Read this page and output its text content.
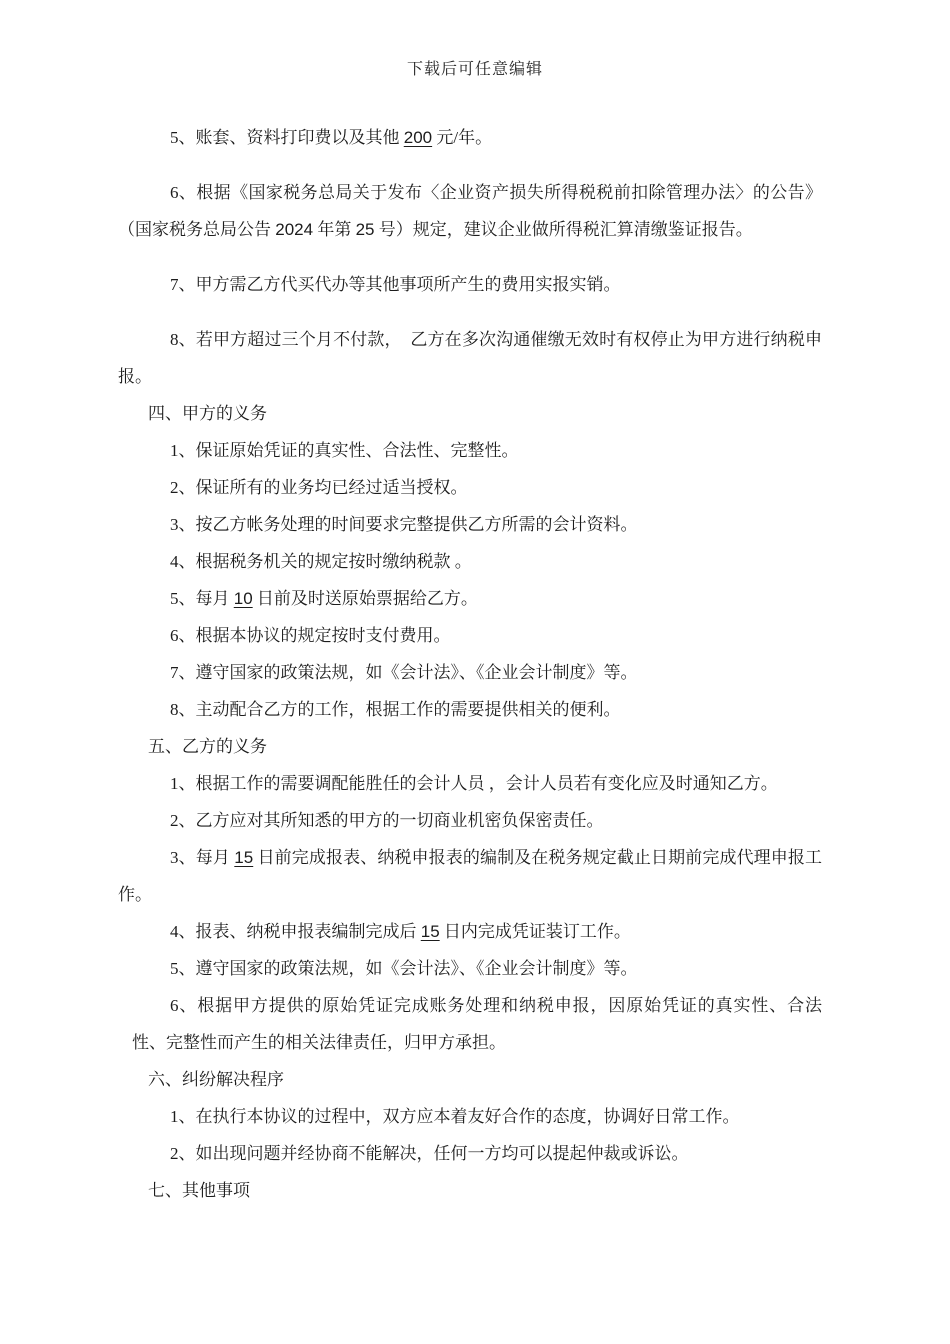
下载后可任意编辑

5、账套、资料打印费以及其他 200 元/年。

6、根据《国家税务总局关于发布〈企业资产损失所得税税前扣除管理办法〉的公告》（国家税务总局公告 2024 年第 25 号）规定，建议企业做所得税汇算清缴鉴证报告。

7、甲方需乙方代买代办等其他事项所产生的费用实报实销。

8、若甲方超过三个月不付款，　乙方在多次沟通催缴无效时有权停止为甲方进行纳税申报。

四、甲方的义务

1、保证原始凭证的真实性、合法性、完整性。

2、保证所有的业务均已经过适当授权。

3、按乙方帐务处理的时间要求完整提供乙方所需的会计资料。

4、根据税务机关的规定按时缴纳税款 。

5、每月 10 日前及时送原始票据给乙方。

6、根据本协议的规定按时支付费用。

7、遵守国家的政策法规，如《会计法》、《企业会计制度》等。

8、主动配合乙方的工作，根据工作的需要提供相关的便利。

五、乙方的义务

1、根据工作的需要调配能胜任的会计人员 ，会计人员若有变化应及时通知乙方。

2、乙方应对其所知悉的甲方的一切商业机密负保密责任。

3、每月 15 日前完成报表、纳税申报表的编制及在税务规定截止日期前完成代理申报工作。

4、报表、纳税申报表编制完成后 15 日内完成凭证装订工作。

5、遵守国家的政策法规，如《会计法》、《企业会计制度》等。

6、根据甲方提供的原始凭证完成账务处理和纳税申报，因原始凭证的真实性、合法性、完整性而产生的相关法律责任，归甲方承担。

六、纠纷解决程序

1、在执行本协议的过程中，双方应本着友好合作的态度，协调好日常工作。

2、如出现问题并经协商不能解决，任何一方均可以提起仲裁或诉讼。

七、其他事项
